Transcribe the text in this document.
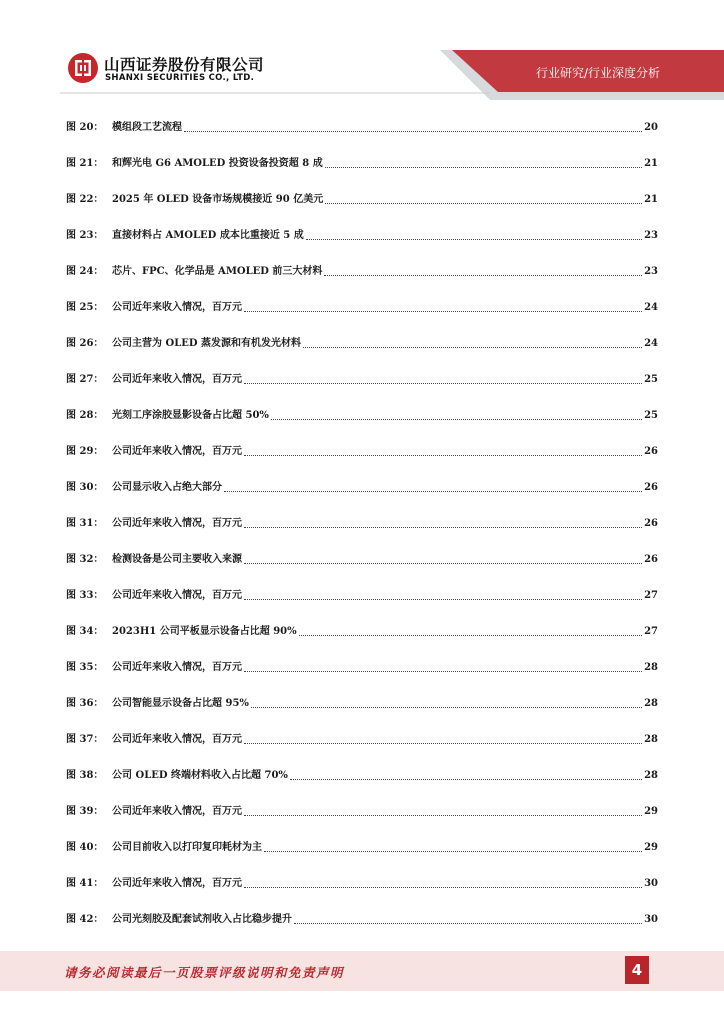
山西证券股份有限公司
SHANXI SECURITIES CO., LTD.	行业研究/行业深度分析
图 20： 模组段工艺流程	20
图 21： 和辉光电 G6 AMOLED 投资设备投资超 8 成	21
图 22： 2025 年 OLED 设备市场规模接近 90 亿美元	21
图 23： 直接材料占 AMOLED 成本比重接近 5 成	23
图 24： 芯片、FPC、化学品是 AMOLED 前三大材料	23
图 25： 公司近年来收入情况，百万元	24
图 26： 公司主营为 OLED 蒸发源和有机发光材料	24
图 27： 公司近年来收入情况，百万元	25
图 28： 光刻工序涂胶显影设备占比超 50%	25
图 29： 公司近年来收入情况，百万元	26
图 30： 公司显示收入占绝大部分	26
图 31： 公司近年来收入情况，百万元	26
图 32： 检测设备是公司主要收入来源	26
图 33： 公司近年来收入情况，百万元	27
图 34： 2023H1 公司平板显示设备占比超 90%	27
图 35： 公司近年来收入情况，百万元	28
图 36： 公司智能显示设备占比超 95%	28
图 37： 公司近年来收入情况，百万元	28
图 38： 公司 OLED 终端材料收入占比超 70%	28
图 39： 公司近年来收入情况，百万元	29
图 40： 公司目前收入以打印复印耗材为主	29
图 41： 公司近年来收入情况，百万元	30
图 42： 公司光刻胶及配套试剂收入占比稳步提升	30
请务必阅读最后一页股票评级说明和免责声明	4
